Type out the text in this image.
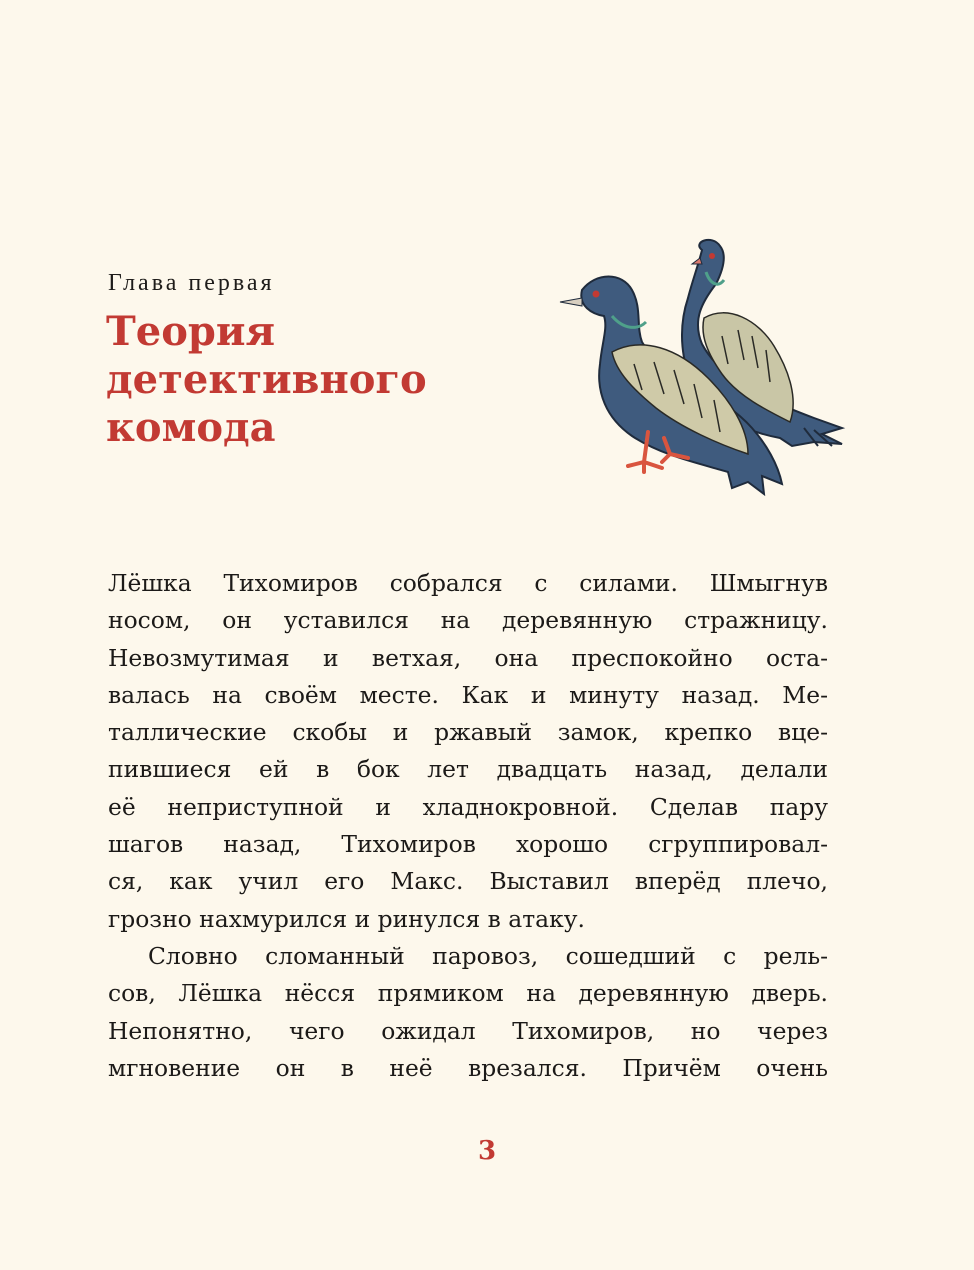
Глава первая
Теория
детективного
комода
Лёшка Тихомиров собрался с силами. Шмыгнув
носом, он уставился на деревянную стражницу.
Невозмутимая и ветхая, она преспокойно оста-
валась на своём месте. Как и минуту назад. Ме-
таллические скобы и ржавый замок, крепко вце-
пившиеся ей в бок лет двадцать назад, делали
её неприступной и хладнокровной. Сделав пару
шагов назад, Тихомиров хорошо сгруппировал-
ся, как учил его Макс. Выставил вперёд плечо,
грозно нахмурился и ринулся в атаку.
Словно сломанный паровоз, сошедший с рель-
сов, Лёшка нёсся прямиком на деревянную дверь.
Непонятно, чего ожидал Тихомиров, но через
мгновение он в неё врезался. Причём очень
3
